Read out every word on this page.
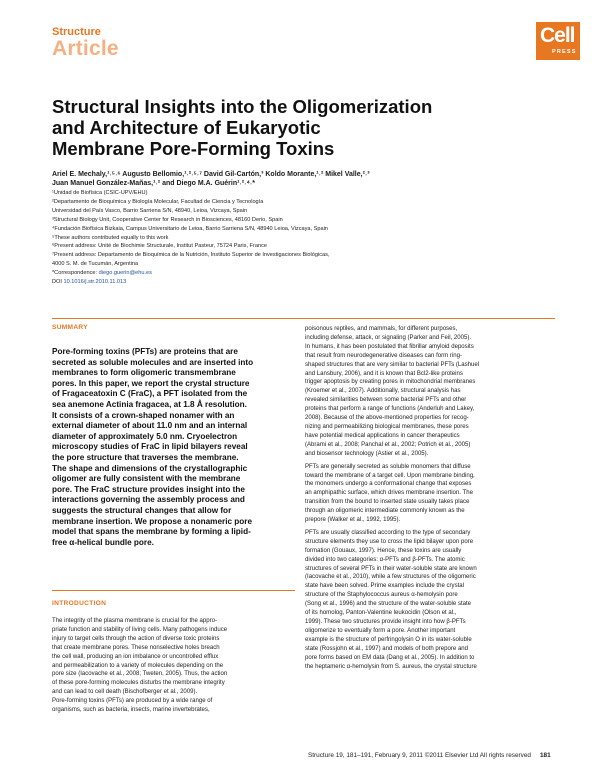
Structure
Article
Cell
PRESS
Structural Insights into the Oligomerization
and Architecture of Eukaryotic
Membrane Pore-Forming Toxins
Ariel E. Mechaly,¹˒⁵˒⁶ Augusto Bellomio,¹˒²˒⁵˒⁷ David Gil-Cartón,³ Koldo Morante,¹˒² Mikel Valle,²˒³
Juan Manuel González-Mañas,¹˒² and Diego M.A. Guérin¹˒²˒⁴˒*
¹Unidad de Biofísica (CSIC-UPV/EHU)
²Departamento de Bioquímica y Biología Molecular, Facultad de Ciencia y Tecnología
Universidad del País Vasco, Barrio Sarriena S/N, 48940, Leioa, Vizcaya, Spain
³Structural Biology Unit, Cooperative Center for Research in Biosciences, 48160 Derio, Spain
⁴Fundación Biofísica Bizkaia, Campus Universitario de Leioa, Barrio Sarriena S/N, 48940 Leioa, Vizcaya, Spain
⁵These authors contributed equally to this work
⁶Present address: Unité de Biochimie Structurale, Institut Pasteur, 75724 Paris, France
⁷Present address: Departamento de Bioquímica de la Nutrición, Instituto Superior de Investigaciones Biológicas,
4000 S. M. de Tucumán, Argentina
*Correspondence: diego.guerin@ehu.es
DOI 10.1016/j.str.2010.11.013
SUMMARY
Pore-forming toxins (PFTs) are proteins that are
secreted as soluble molecules and are inserted into
membranes to form oligomeric transmembrane
pores. In this paper, we report the crystal structure
of Fragaceatoxin C (FraC), a PFT isolated from the
sea anemone Actinia fragacea, at 1.8 Å resolution.
It consists of a crown-shaped nonamer with an
external diameter of about 11.0 nm and an internal
diameter of approximately 5.0 nm. Cryoelectron
microscopy studies of FraC in lipid bilayers reveal
the pore structure that traverses the membrane.
The shape and dimensions of the crystallographic
oligomer are fully consistent with the membrane
pore. The FraC structure provides insight into the
interactions governing the assembly process and
suggests the structural changes that allow for
membrane insertion. We propose a nonameric pore
model that spans the membrane by forming a lipid-
free α-helical bundle pore.
INTRODUCTION
The integrity of the plasma membrane is crucial for the appro-
priate function and stability of living cells. Many pathogens induce
injury to target cells through the action of diverse toxic proteins
that create membrane pores. These nonselective holes breach
the cell wall, producing an ion imbalance or uncontrolled efflux
and permeabilization to a variety of molecules depending on the
pore size (Iacovache et al., 2008; Tweten, 2005). Thus, the action
of these pore-forming molecules disturbs the membrane integrity
and can lead to cell death (Bischofberger et al., 2009).
Pore-forming toxins (PFTs) are produced by a wide range of
organisms, such as bacteria, insects, marine invertebrates,
poisonous reptiles, and mammals, for different purposes,
including defense, attack, or signaling (Parker and Feil, 2005).
In humans, it has been postulated that fibrillar amyloid deposits
that result from neurodegenerative diseases can form ring-
shaped structures that are very similar to bacterial PFTs (Lashuel
and Lansbury, 2006), and it is known that Bcl2-like proteins
trigger apoptosis by creating pores in mitochondrial membranes
(Kroemer et al., 2007). Additionally, structural analysis has
revealed similarities between some bacterial PFTs and other
proteins that perform a range of functions (Anderluh and Lakey,
2008). Because of the above-mentioned properties for recog-
nizing and permeabilizing biological membranes, these pores
have potential medical applications in cancer therapeutics
(Abrami et al., 2008; Panchal et al., 2002; Potrich et al., 2005)
and biosensor technology (Astier et al., 2005).
PFTs are generally secreted as soluble monomers that diffuse
toward the membrane of a target cell. Upon membrane binding,
the monomers undergo a conformational change that exposes
an amphipathic surface, which drives membrane insertion. The
transition from the bound to inserted state usually takes place
through an oligomeric intermediate commonly known as the
prepore (Walker et al., 1992, 1995).
PFTs are usually classified according to the type of secondary
structure elements they use to cross the lipid bilayer upon pore
formation (Gouaux, 1997). Hence, these toxins are usually
divided into two categories: α-PFTs and β-PFTs. The atomic
structures of several PFTs in their water-soluble state are known
(Iacovache et al., 2010), while a few structures of the oligomeric
state have been solved. Prime examples include the crystal
structure of the Staphylococcus aureus α-hemolysin pore
(Song et al., 1996) and the structure of the water-soluble state
of its homolog, Panton-Valentine leukocidin (Olson et al.,
1999). These two structures provide insight into how β-PFTs
oligomerize to eventually form a pore. Another important
example is the structure of perfringolysin O in its water-soluble
state (Rossjohn et al., 1997) and models of both prepore and
pore forms based on EM data (Dang et al., 2005). In addition to
the heptameric α-hemolysin from S. aureus, the crystal structure
Structure 19, 181–191, February 9, 2011 ©2011 Elsevier Ltd All rights reserved 181
